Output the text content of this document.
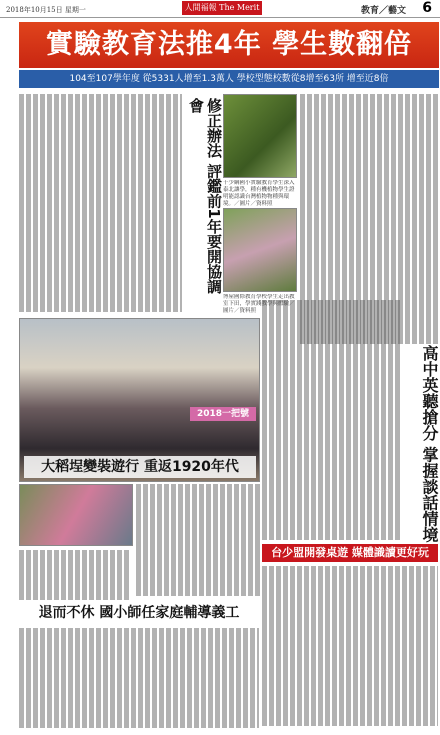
2018年10月15日 星期一	人間福報 The Merit	教育／藝文 6
實驗教育法推4年 學生數翻倍
104至107學年度 從5331人增至1.3萬人 學校型態校數從8增至63所 增至近8倍
修正辦法 評鑑前1年要開協調會
千少綱國小實驗教育學生深入泰北讓學，種有機植物學生證明能認識台灣植物物種與環境。／圖片／資料照
博屋國際教育學校學生走出教室下田，學實踐教學與體驗／圖片／資料照
高中英聽搶分 掌握談話情境
2018一把號
大稻埕變裝遊行 重返1920年代
台少盟開發桌遊 媒體識讀更好玩
退而不休 國小師任家庭輔導義工
